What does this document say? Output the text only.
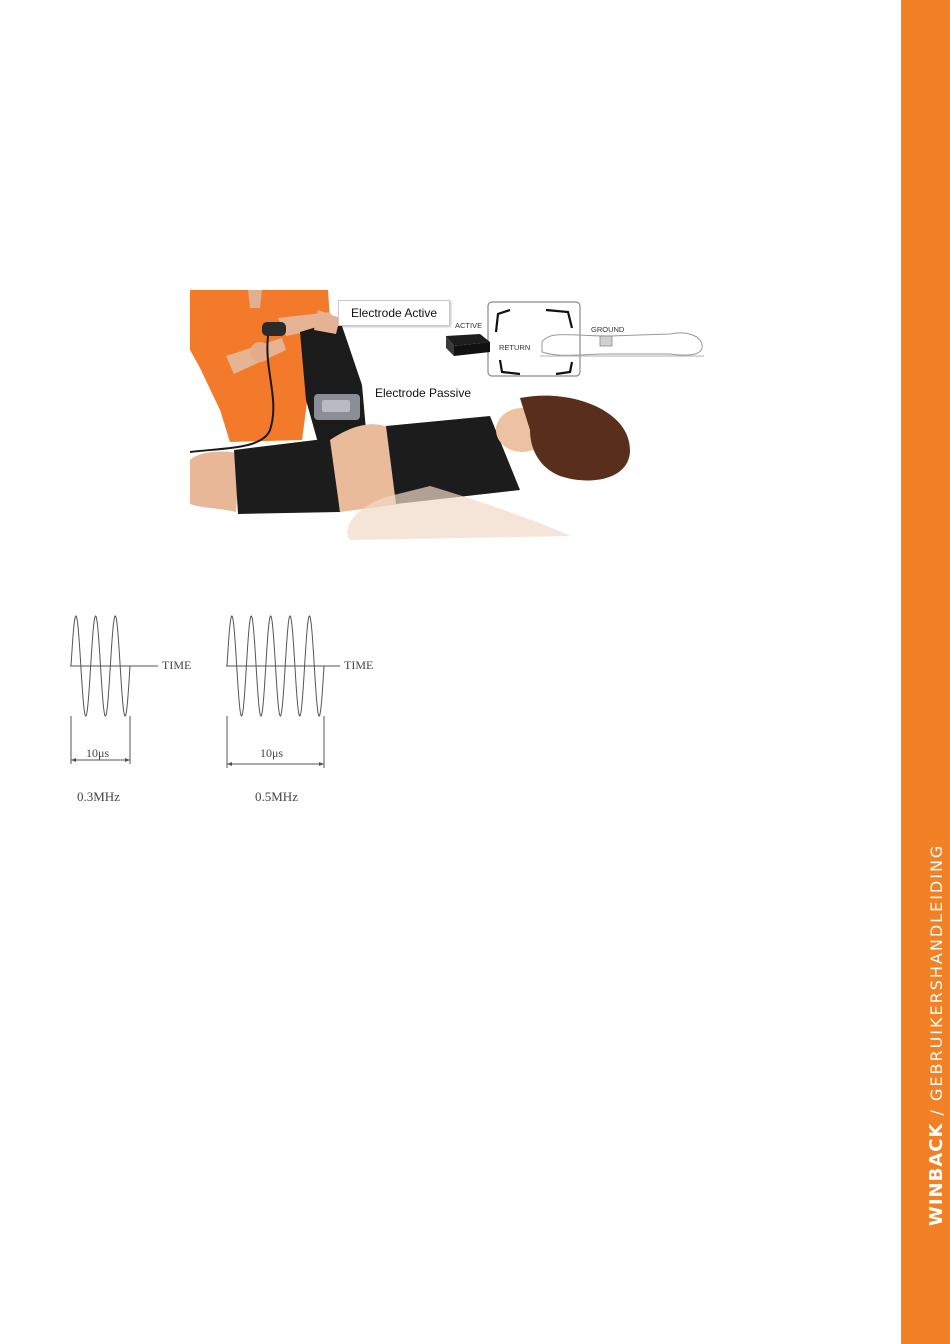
WINBACK / GEBRUIKERSHANDLEIDING
Electrode Active
Electrode Passive
ACTIVE
RETURN
GROUND
TIME
10μs
0.3MHz
TIME
10μs
0.5MHz
